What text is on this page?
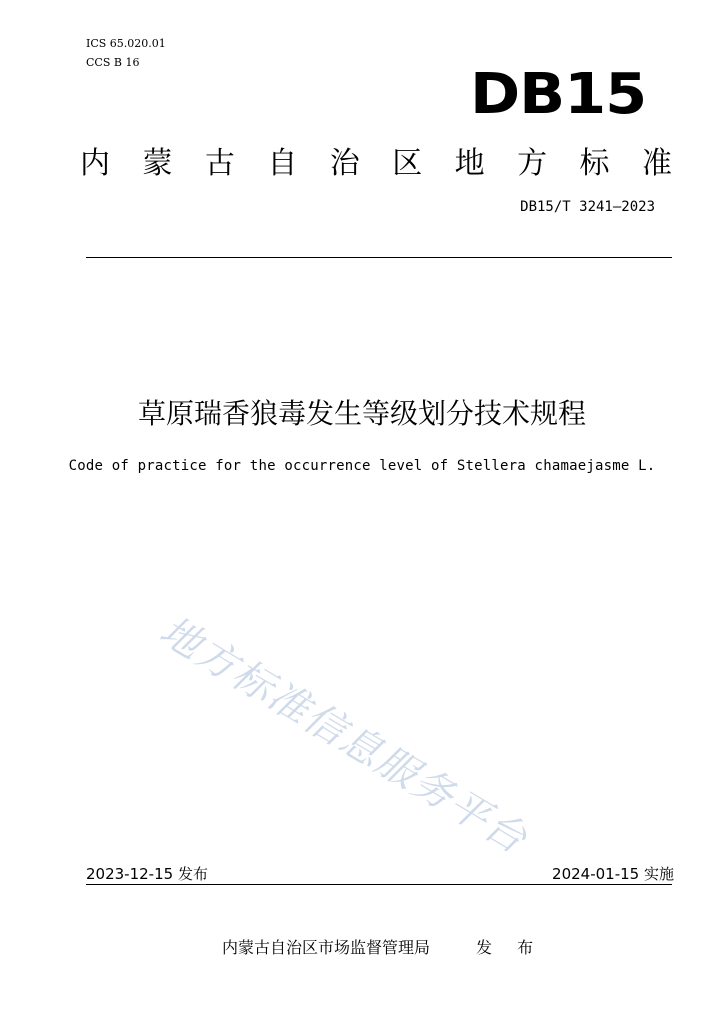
ICS 65.020.01
CCS B 16	DB15
内 蒙 古 自 治 区 地 方 标 准
DB15/T 3241—2023
草原瑞香狼毒发生等级划分技术规程
Code of practice for the occurrence level of Stellera chamaejasme L.
地方标准信息服务平台
2023-12-15 发布	2024-01-15 实施
内蒙古自治区市场监督管理局	发 布
